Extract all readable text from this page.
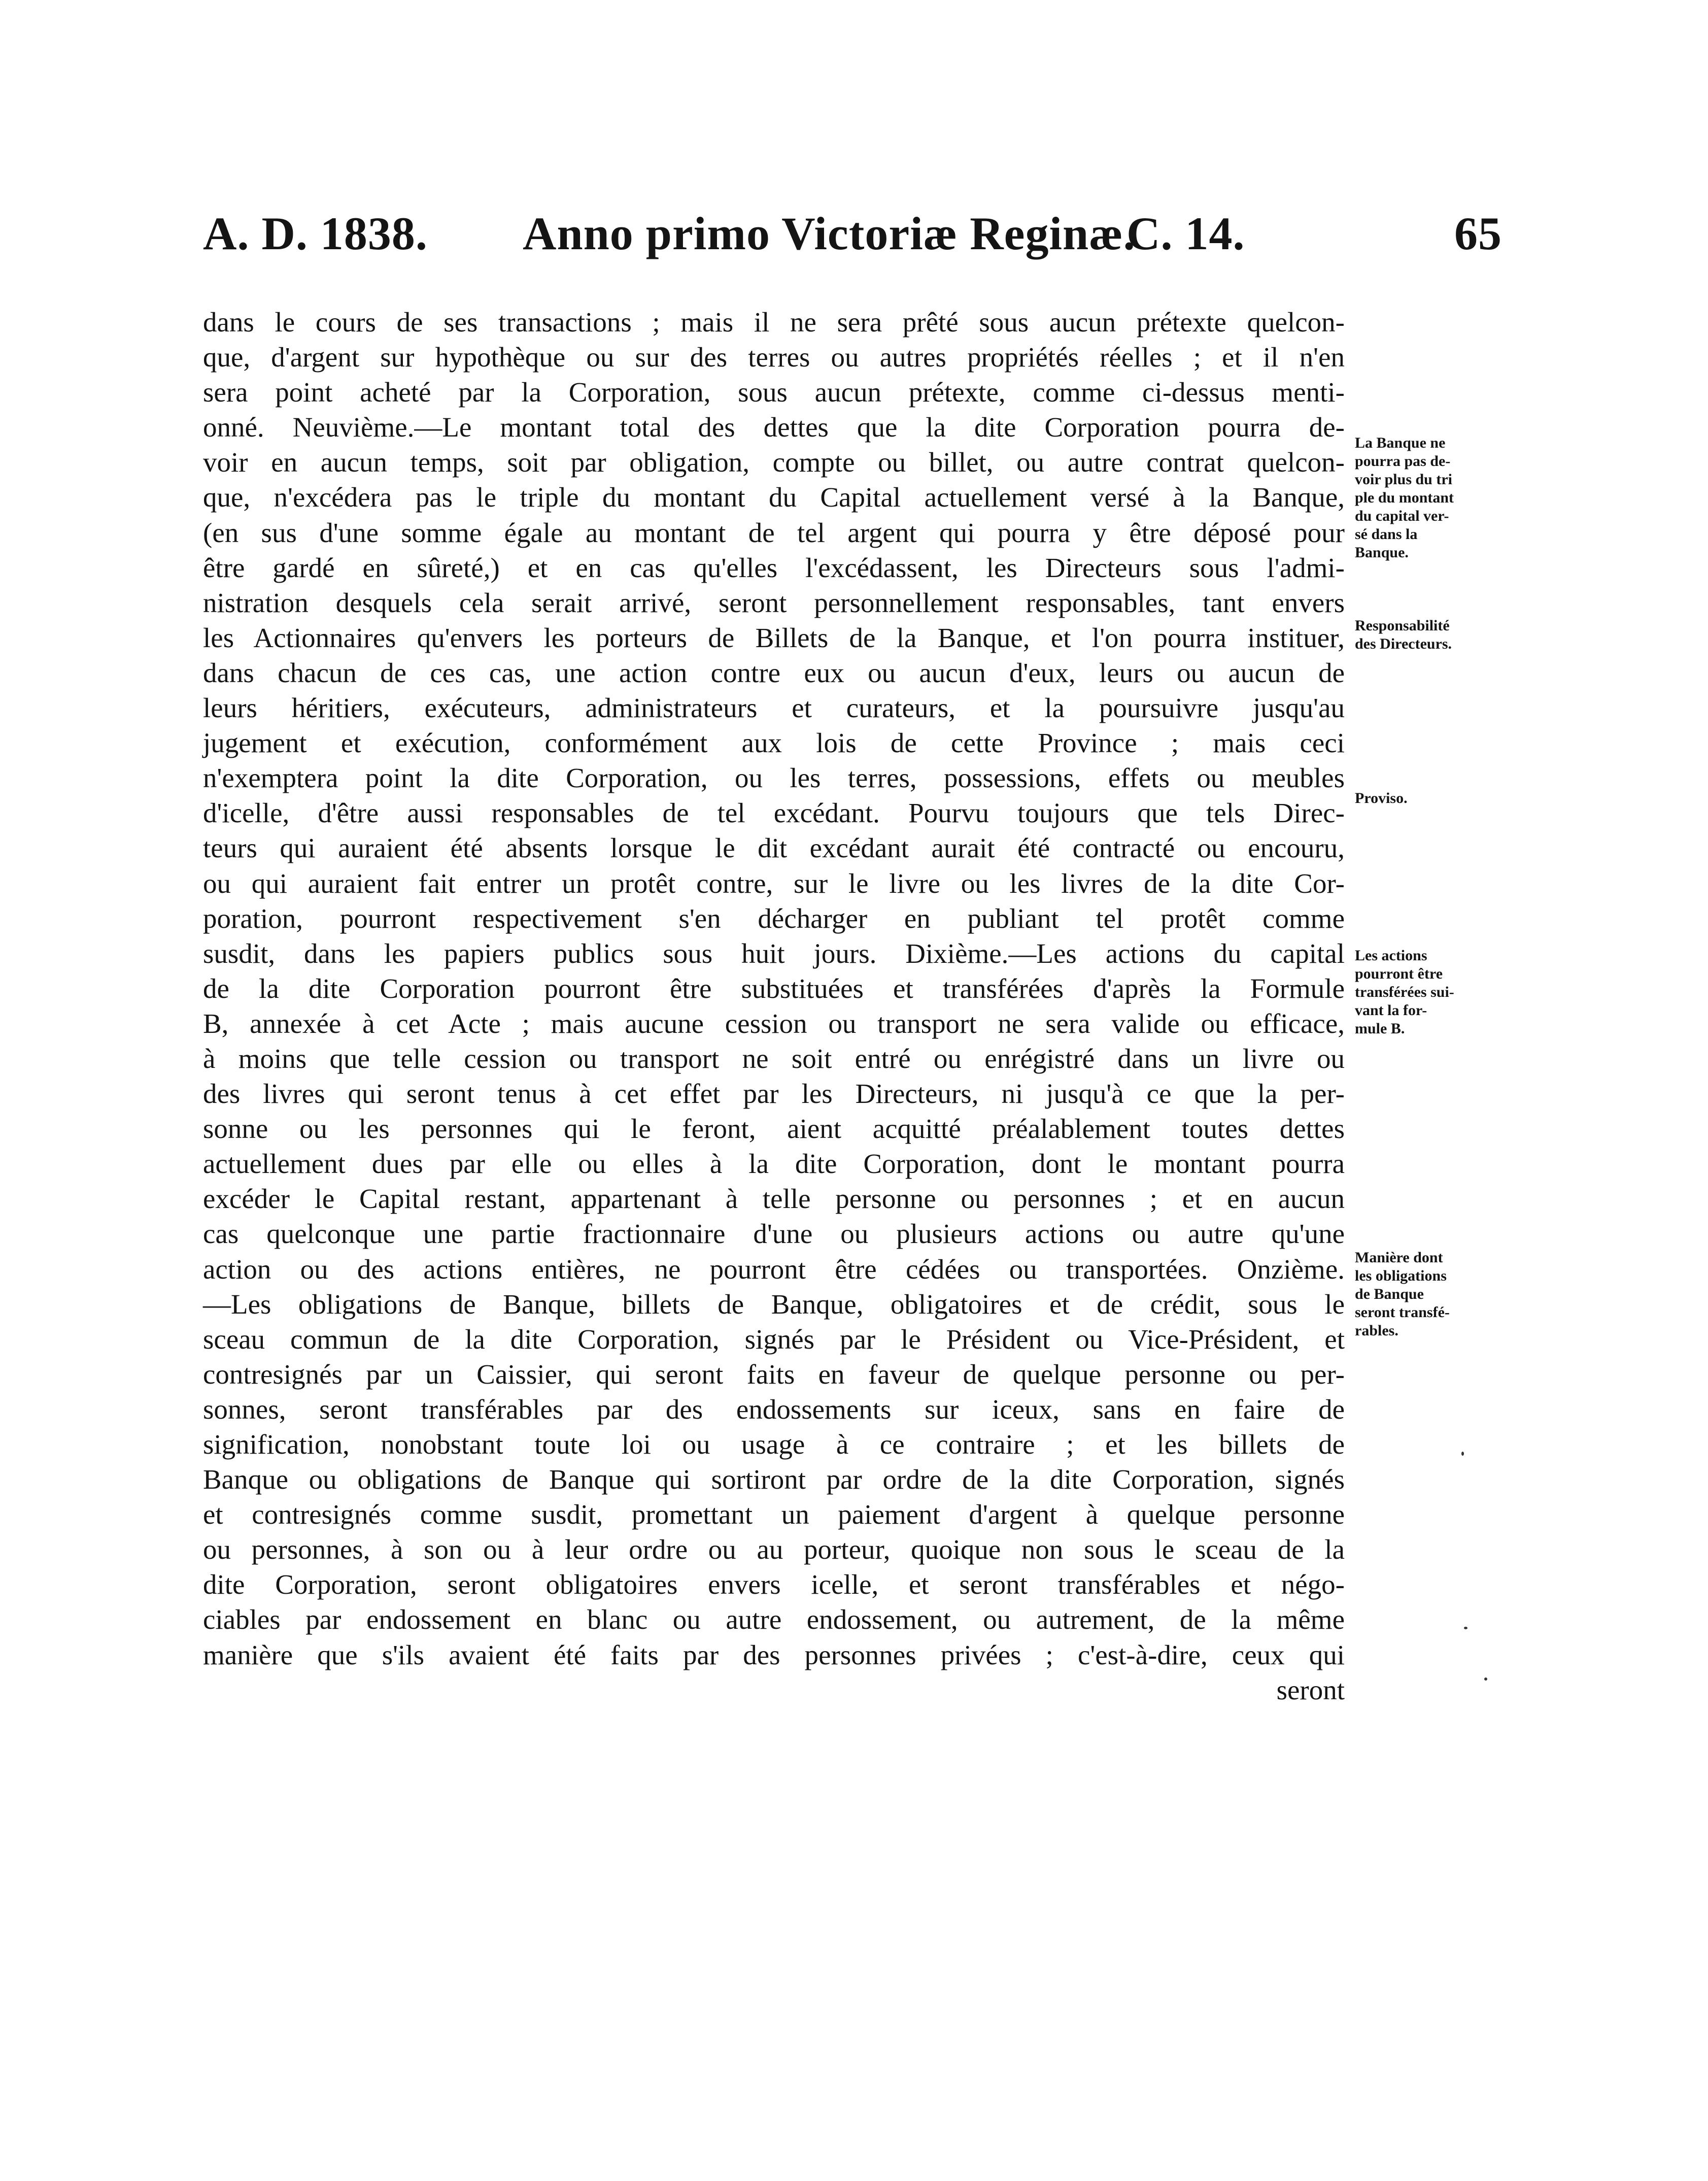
A. D. 1838. Anno primo Victoriæ Reginæ.
C. 14.	65
dans le cours de ses transactions ; mais il ne sera prêté sous aucun prétexte quelcon-
que, d'argent sur hypothèque ou sur des terres ou autres propriétés réelles ; et il n'en
sera point acheté par la Corporation, sous aucun prétexte, comme ci-dessus menti-
onné. Neuvième.—Le montant total des dettes que la dite Corporation pourra de-
voir en aucun temps, soit par obligation, compte ou billet, ou autre contrat quelcon-
que, n'excédera pas le triple du montant du Capital actuellement versé à la Banque,
(en sus d'une somme égale au montant de tel argent qui pourra y être déposé pour
être gardé en sûreté,) et en cas qu'elles l'excédassent, les Directeurs sous l'admi-
nistration desquels cela serait arrivé, seront personnellement responsables, tant envers
les Actionnaires qu'envers les porteurs de Billets de la Banque, et l'on pourra instituer,
dans chacun de ces cas, une action contre eux ou aucun d'eux, leurs ou aucun de
leurs héritiers, exécuteurs, administrateurs et curateurs, et la poursuivre jusqu'au
jugement et exécution, conformément aux lois de cette Province ; mais ceci
n'exemptera point la dite Corporation, ou les terres, possessions, effets ou meubles
d'icelle, d'être aussi responsables de tel excédant. Pourvu toujours que tels Direc-
teurs qui auraient été absents lorsque le dit excédant aurait été contracté ou encouru,
ou qui auraient fait entrer un protêt contre, sur le livre ou les livres de la dite Cor-
poration, pourront respectivement s'en décharger en publiant tel protêt comme
susdit, dans les papiers publics sous huit jours. Dixième.—Les actions du capital
de la dite Corporation pourront être substituées et transférées d'après la Formule
B, annexée à cet Acte ; mais aucune cession ou transport ne sera valide ou efficace,
à moins que telle cession ou transport ne soit entré ou enrégistré dans un livre ou
des livres qui seront tenus à cet effet par les Directeurs, ni jusqu'à ce que la per-
sonne ou les personnes qui le feront, aient acquitté préalablement toutes dettes
actuellement dues par elle ou elles à la dite Corporation, dont le montant pourra
excéder le Capital restant, appartenant à telle personne ou personnes ; et en aucun
cas quelconque une partie fractionnaire d'une ou plusieurs actions ou autre qu'une
action ou des actions entières, ne pourront être cédées ou transportées. Onzième.
—Les obligations de Banque, billets de Banque, obligatoires et de crédit, sous le
sceau commun de la dite Corporation, signés par le Président ou Vice-Président, et
contresignés par un Caissier, qui seront faits en faveur de quelque personne ou per-
sonnes, seront transférables par des endossements sur iceux, sans en faire de
signification, nonobstant toute loi ou usage à ce contraire ; et les billets de
Banque ou obligations de Banque qui sortiront par ordre de la dite Corporation, signés
et contresignés comme susdit, promettant un paiement d'argent à quelque personne
ou personnes, à son ou à leur ordre ou au porteur, quoique non sous le sceau de la
dite Corporation, seront obligatoires envers icelle, et seront transférables et négo-
ciables par endossement en blanc ou autre endossement, ou autrement, de la même
manière que s'ils avaient été faits par des personnes privées ; c'est-à-dire, ceux qui
seront
La Banque ne
pourra pas de-
voir plus du tri
ple du montant
du capital ver-
sé dans la
Banque.
Responsabilité
des Directeurs.
Proviso.
Les actions
pourront être
transférées sui-
vant la for-
mule B.
Manière dont
les obligations
de Banque
seront transfé-
rables.
